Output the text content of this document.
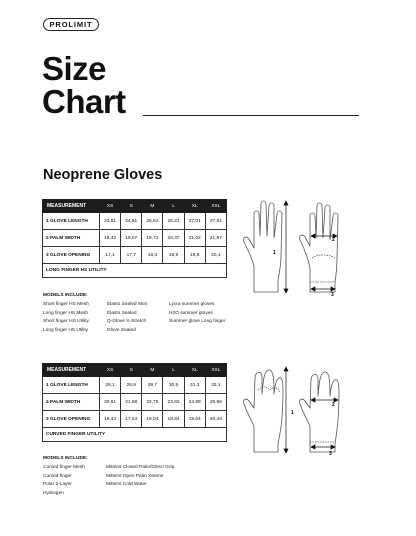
PROLIMIT
Size
Chart
Neoprene Gloves
MEASUREMENT	XS	S	M	L	XL	XXL
1 GLOVE LENGTH	23,81	24,61	25,61	26,21	27,01	27,81
2 PALM WIDTH	18,42	19,07	19,72	20,37	21,02	21,67
3 GLOVE OPENING	17,1	17,7	18,3	18,9	19,5	20,1
LONG FINGER HS UTILITY						
MODELS INCLUDE:
Short finger HS Mesh
Long finger HS Mesh
Short finger HS Utility
Long finger HS Utility
Elasto Sealed Skin
Elasto Sealed
Q-Glove X-Stretch
Glove Sealed
Lycra summer gloves
H2O summer gloves
Summer glove Long finger
MEASUREMENT	XS	S	M	L	XL	XXL
1 GLOVE LENGTH	28,1	28,9	29,7	30,5	31,3	32,1
2 PALM WIDTH	20,61	21,68	22,75	23,82	24,89	25,96
3 GLOVE OPENING	16,44	17,24	18,04	18,84	19,64	20,44
CURVED FINGER UTILITY						
MODELS INCLUDE:
Curved finger Mesh
Curved finger
Polar 2-Layer
Hydrogen
Mittens Closed Palm/Direct Grip
Mittens Open Palm Xtreme
Mittens Cold Water
1
2
3
1
2
3
